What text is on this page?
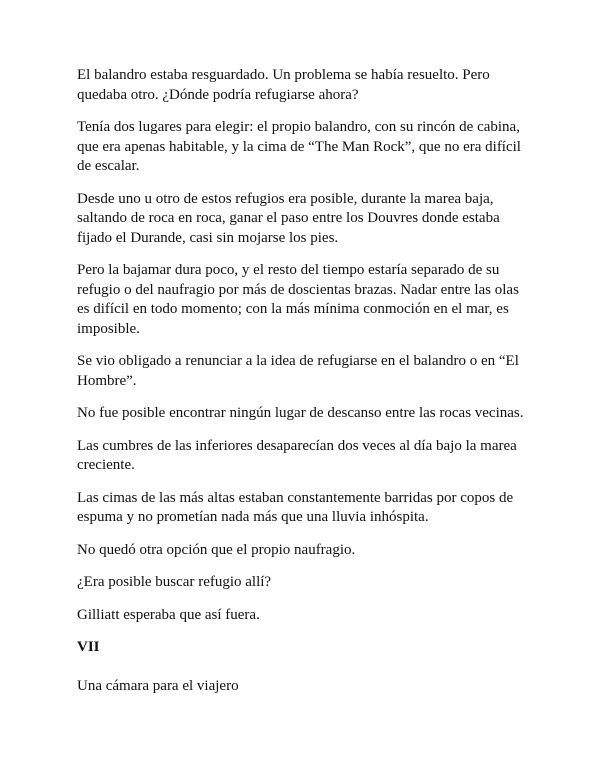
El balandro estaba resguardado. Un problema se había resuelto. Pero quedaba otro. ¿Dónde podría refugiarse ahora?

Tenía dos lugares para elegir: el propio balandro, con su rincón de cabina, que era apenas habitable, y la cima de “The Man Rock”, que no era difícil de escalar.

Desde uno u otro de estos refugios era posible, durante la marea baja, saltando de roca en roca, ganar el paso entre los Douvres donde estaba fijado el Durande, casi sin mojarse los pies.

Pero la bajamar dura poco, y el resto del tiempo estaría separado de su refugio o del naufragio por más de doscientas brazas. Nadar entre las olas es difícil en todo momento; con la más mínima conmoción en el mar, es imposible.

Se vio obligado a renunciar a la idea de refugiarse en el balandro o en “El Hombre”.

No fue posible encontrar ningún lugar de descanso entre las rocas vecinas.

Las cumbres de las inferiores desaparecían dos veces al día bajo la marea creciente.

Las cimas de las más altas estaban constantemente barridas por copos de espuma y no prometían nada más que una lluvia inhóspita.

No quedó otra opción que el propio naufragio.

¿Era posible buscar refugio allí?

Gilliatt esperaba que así fuera.

VII

Una cámara para el viajero
